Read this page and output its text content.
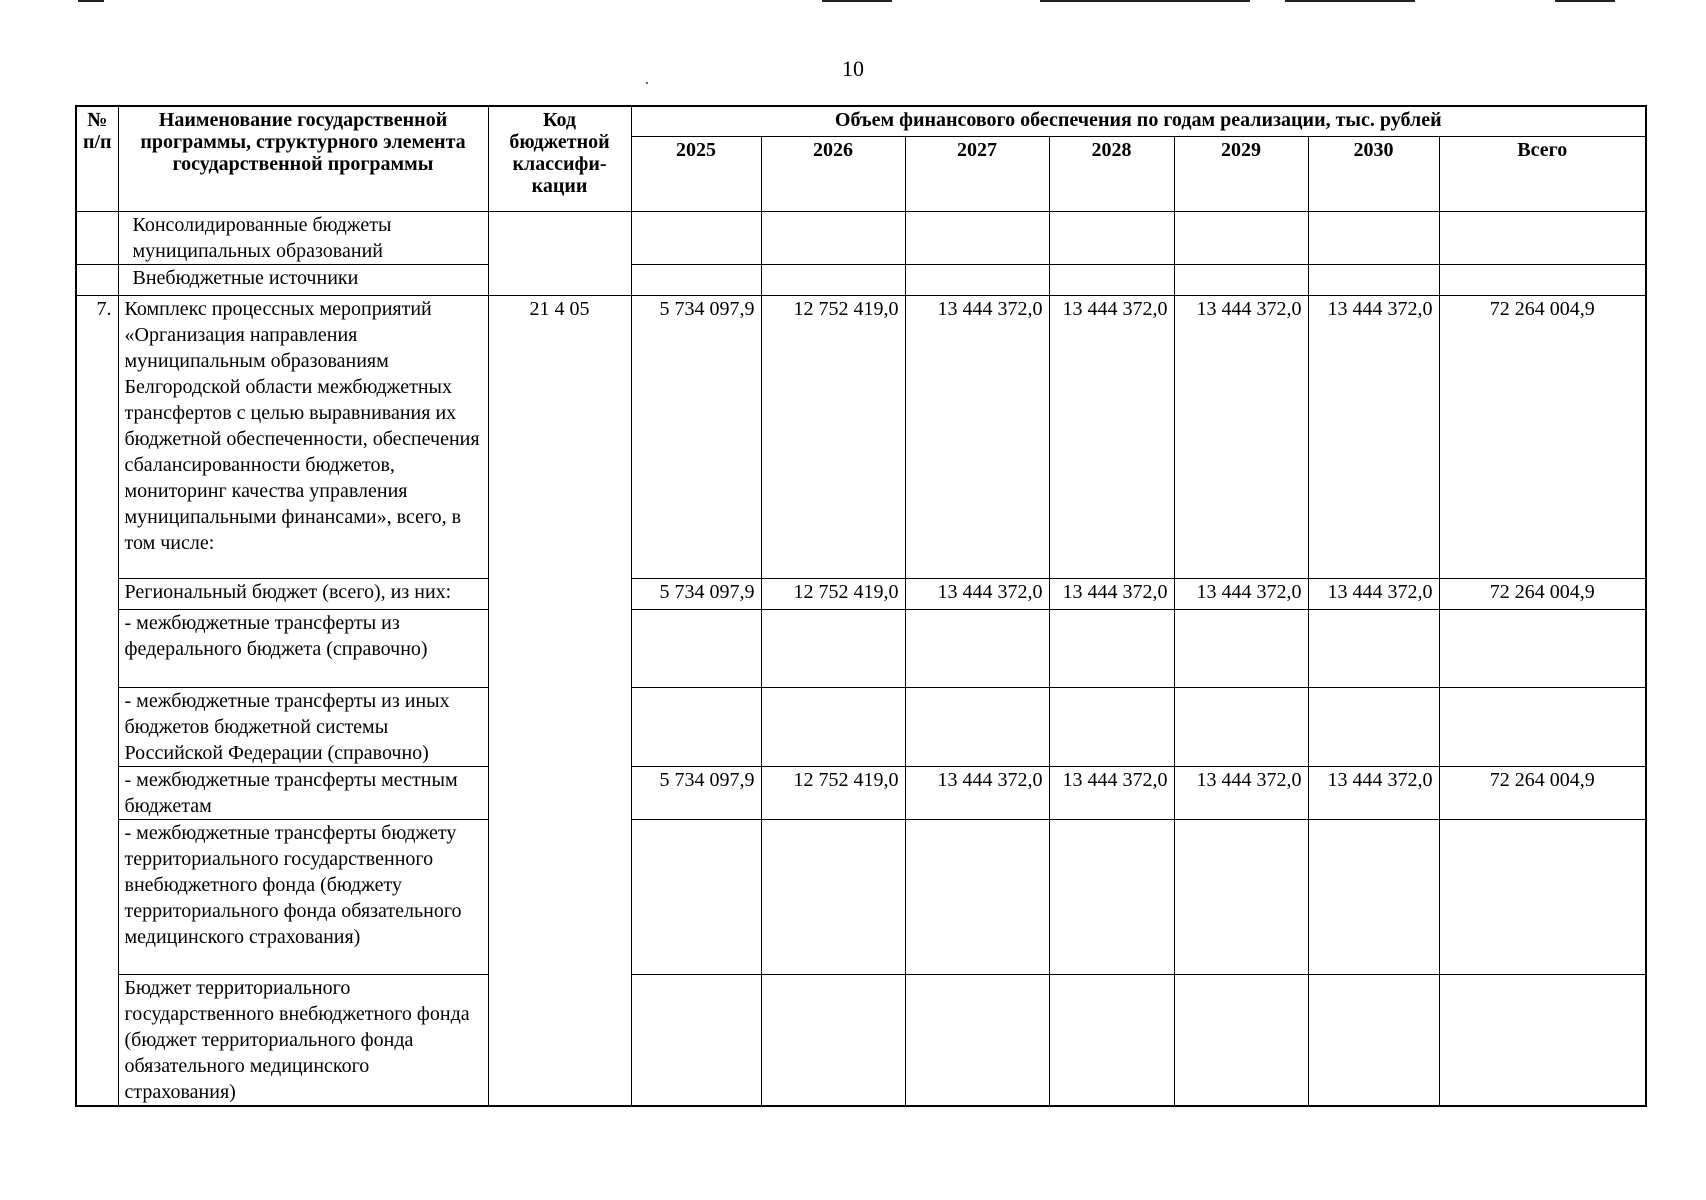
10
№ п/п	Наименование государственной программы, структурного элемента государственной программы	Код бюджетной классифи-кации	Объем финансового обеспечения по годам реализации, тыс. рублей						
			2025	2026	2027	2028	2029	2030	Всего
	Консолидированные бюджеты муниципальных образований								
	Внебюджетные источники								
7.	Комплекс процессных мероприятий «Организация направления муниципальным образованиям Белгородской области межбюджетных трансфертов с целью выравнивания их бюджетной обеспеченности, обеспечения сбалансированности бюджетов, мониторинг качества управления муниципальными финансами», всего, в том числе:	21 4 05	5 734 097,9	12 752 419,0	13 444 372,0	13 444 372,0	13 444 372,0	13 444 372,0	72 264 004,9
	Региональный бюджет (всего), из них:		5 734 097,9	12 752 419,0	13 444 372,0	13 444 372,0	13 444 372,0	13 444 372,0	72 264 004,9
	- межбюджетные трансферты из федерального бюджета (справочно)								
	- межбюджетные трансферты из иных бюджетов бюджетной системы Российской Федерации (справочно)								
	- межбюджетные трансферты местным бюджетам		5 734 097,9	12 752 419,0	13 444 372,0	13 444 372,0	13 444 372,0	13 444 372,0	72 264 004,9
	- межбюджетные трансферты бюджету территориального государственного внебюджетного фонда (бюджету территориального фонда обязательного медицинского страхования)								
	Бюджет территориального государственного внебюджетного фонда (бюджет территориального фонда обязательного медицинского страхования)								
